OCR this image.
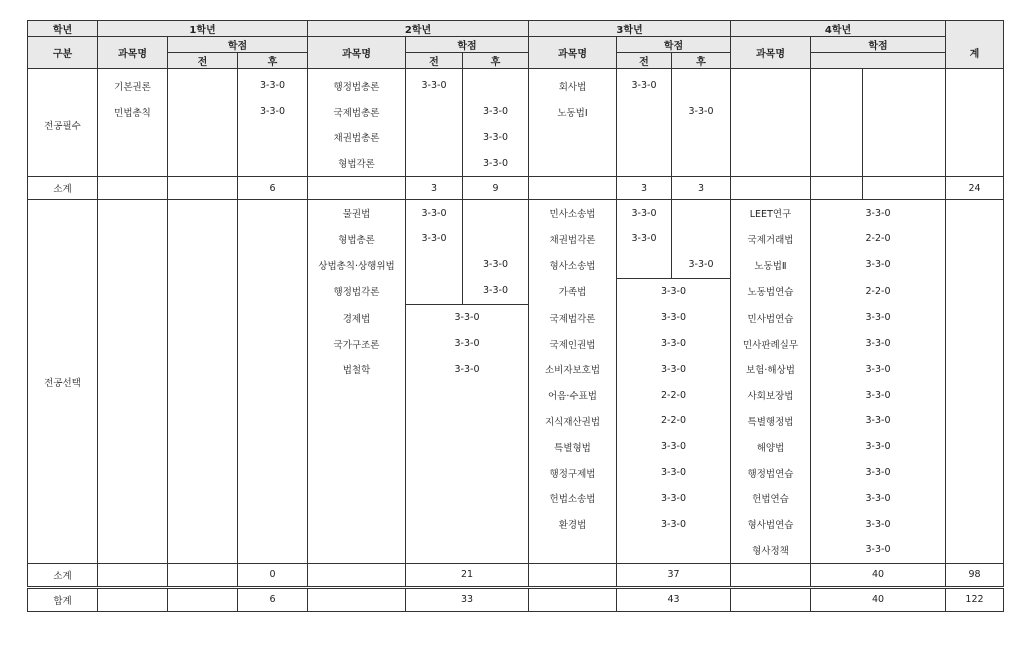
학년	1학년			2학년			3학년			4학년			
구분	과목명	학점		과목명	학점		과목명	학점		과목명	학점		계
		전	후		전	후		전	후				

전공필수	기본권론		3-3-0	행정법총론	3-3-0		회사법	3-3-0					
	민법총칙		3-3-0	국제법총론		3-3-0	노동법Ⅰ		3-3-0				
				채권법총론		3-3-0							
				형법각론		3-3-0							
소계			6		3	9		3	3				24
전공선택				물권법	3-3-0		민사소송법	3-3-0		LEET연구	3-3-0		
				형법총론	3-3-0		채권법각론	3-3-0		국제거래법	2-2-0		
				상법총칙·상행위법		3-3-0	형사소송법		3-3-0	노동법Ⅱ	3-3-0		
				행정법각론		3-3-0	가족법	3-3-0		노동법연습	2-2-0		
				경제법	3-3-0		국제법각론	3-3-0		민사법연습	3-3-0		
				국가구조론	3-3-0		국제인권법	3-3-0		민사판례실무	3-3-0		
				법철학	3-3-0		소비자보호법	3-3-0		보험·해상법	3-3-0		
							어음·수표법	2-2-0		사회보장법	3-3-0		
							지식재산권법	2-2-0		특별행정법	3-3-0		
							특별형법	3-3-0		해양법	3-3-0		
							행정구제법	3-3-0		행정법연습	3-3-0		
							헌법소송법	3-3-0		헌법연습	3-3-0		
							환경법	3-3-0		형사법연습	3-3-0		
										형사정책	3-3-0		
소계			0		21			37			40		98
합계			6		33			43			40		122
